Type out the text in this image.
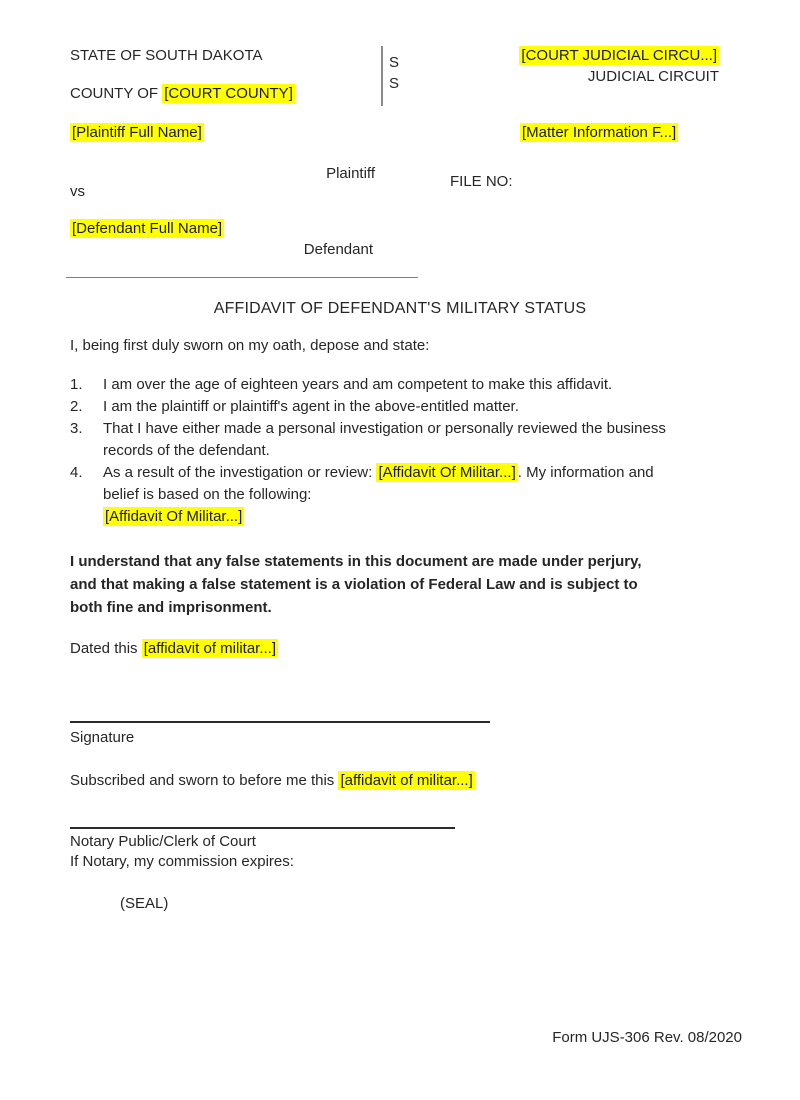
STATE OF SOUTH DAKOTA
COUNTY OF [COURT COUNTY]
S
S
[COURT JUDICIAL CIRCU...]
JUDICIAL CIRCUIT
[Plaintiff Full Name]	[Matter Information F...]
Plaintiff	FILE NO:
vs
[Defendant Full Name]
Defendant
AFFIDAVIT OF DEFENDANT'S MILITARY STATUS
I, being first duly sworn on my oath, depose and state:
1.	I am over the age of eighteen years and am competent to make this affidavit.
2.	I am the plaintiff or plaintiff's agent in the above-entitled matter.
3.	That I have either made a personal investigation or personally reviewed the business
records of the defendant.
4.	As a result of the investigation or review: [Affidavit Of Militar...] . My information and
belief is based on the following:
[Affidavit Of Militar...]
I understand that any false statements in this document are made under perjury,
and that making a false statement is a violation of Federal Law and is subject to
both fine and imprisonment.
Dated this [affidavit of militar...]
Signature
Subscribed and sworn to before me this [affidavit of militar...]
Notary Public/Clerk of Court
If Notary, my commission expires:
(SEAL)
Form UJS-306 Rev. 08/2020
